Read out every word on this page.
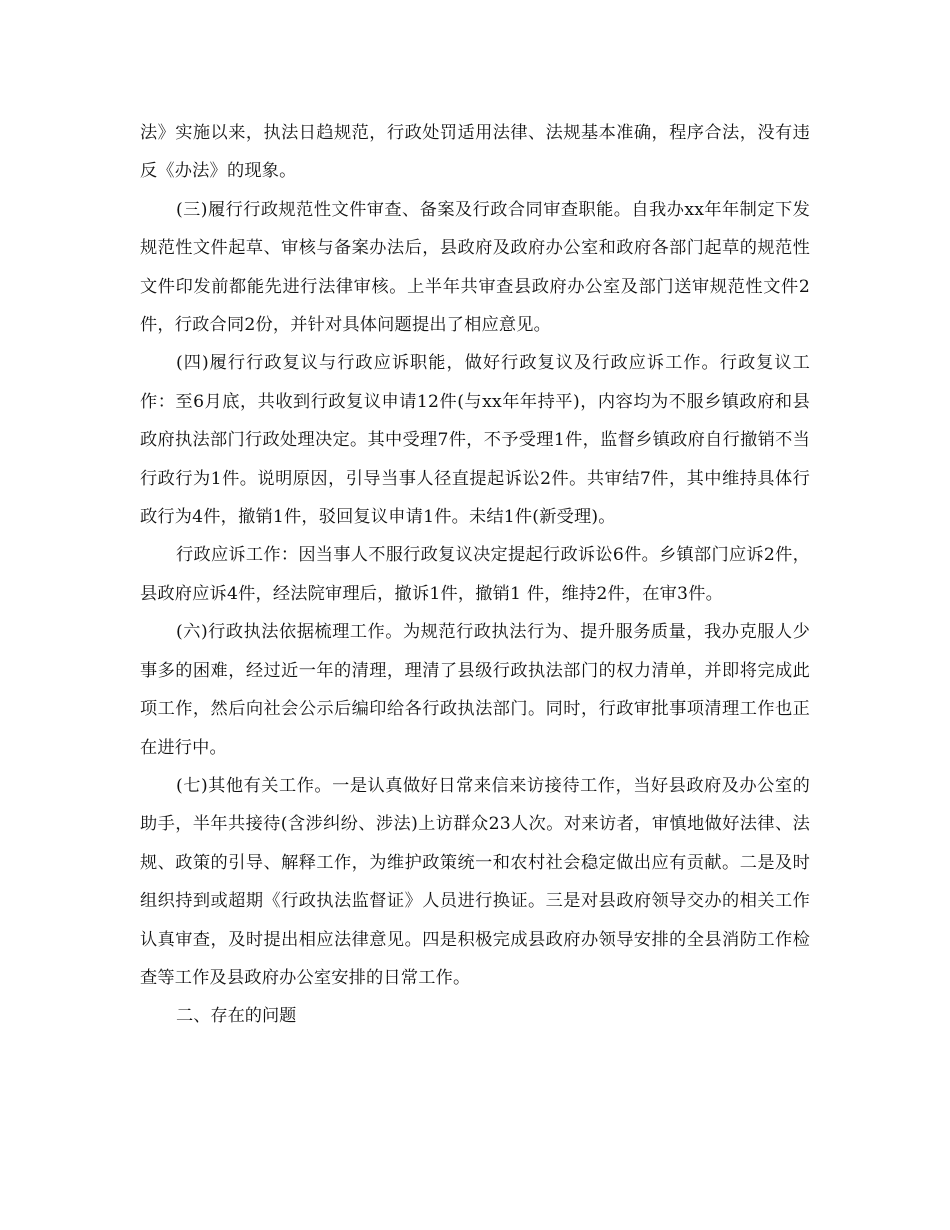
法》实施以来，执法日趋规范，行政处罚适用法律、法规基本准确，程序合法，没有违反《办法》的现象。

(三)履行行政规范性文件审查、备案及行政合同审查职能。自我办xx年年制定下发规范性文件起草、审核与备案办法后，县政府及政府办公室和政府各部门起草的规范性文件印发前都能先进行法律审核。上半年共审查县政府办公室及部门送审规范性文件2 件，行政合同2份，并针对具体问题提出了相应意见。

(四)履行行政复议与行政应诉职能，做好行政复议及行政应诉工作。行政复议工作：至6月底，共收到行政复议申请12件(与xx年年持平)，内容均为不服乡镇政府和县政府执法部门行政处理决定。其中受理7件，不予受理1件，监督乡镇政府自行撤销不当行政行为1件。说明原因，引导当事人径直提起诉讼2件。共审结7件，其中维持具体行政行为4件，撤销1件，驳回复议申请1件。未结1件(新受理)。

行政应诉工作：因当事人不服行政复议决定提起行政诉讼6件。乡镇部门应诉2件，县政府应诉4件，经法院审理后，撤诉1件，撤销1 件，维持2件，在审3件。

(六)行政执法依据梳理工作。为规范行政执法行为、提升服务质量，我办克服人少事多的困难，经过近一年的清理，理清了县级行政执法部门的权力清单，并即将完成此项工作，然后向社会公示后编印给各行政执法部门。同时，行政审批事项清理工作也正在进行中。

(七)其他有关工作。一是认真做好日常来信来访接待工作，当好县政府及办公室的助手，半年共接待(含涉纠纷、涉法)上访群众23人次。对来访者，审慎地做好法律、法规、政策的引导、解释工作，为维护政策统一和农村社会稳定做出应有贡献。二是及时组织持到或超期《行政执法监督证》人员进行换证。三是对县政府领导交办的相关工作认真审查，及时提出相应法律意见。四是积极完成县政府办领导安排的全县消防工作检查等工作及县政府办公室安排的日常工作。

二、存在的问题
